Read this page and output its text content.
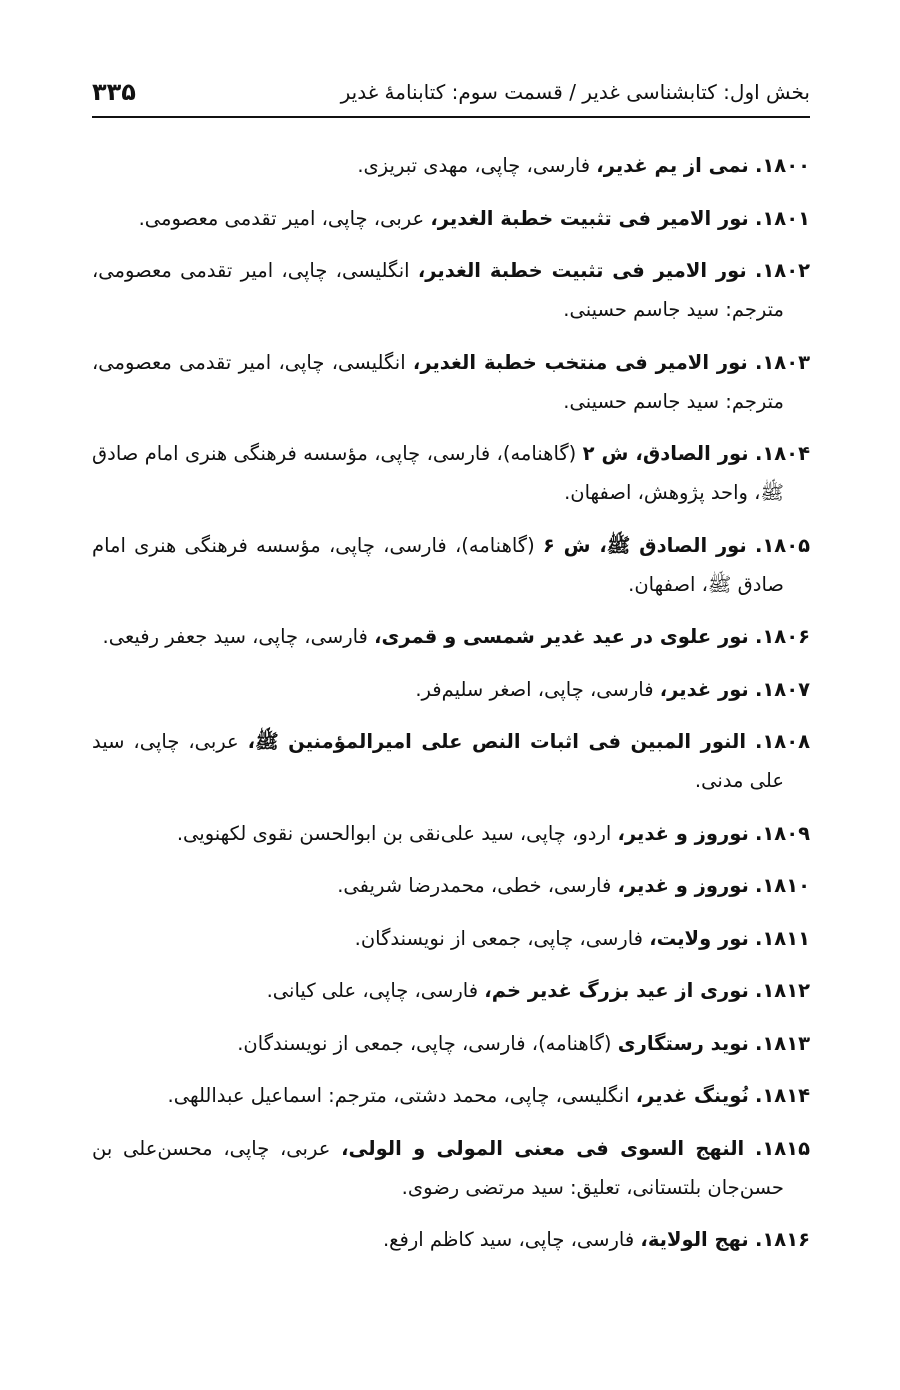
بخش اول: کتابشناسی غدیر / قسمت سوم: کتابنامۀ غدیر
۳۳۵

۱۸۰۰. نمی از یم غدیر، فارسی، چاپی، مهدی تبریزی.

۱۸۰۱. نور الامیر فی تثبیت خطبة الغدیر، عربی، چاپی، امیر تقدمی معصومی.

۱۸۰۲. نور الامیر فی تثبیت خطبة الغدیر، انگلیسی، چاپی، امیر تقدمی معصومی، مترجم: سید جاسم حسینی.

۱۸۰۳. نور الامیر فی منتخب خطبة الغدیر، انگلیسی، چاپی، امیر تقدمی معصومی، مترجم: سید جاسم حسینی.

۱۸۰۴. نور الصادق، ش ۲ (گاهنامه)، فارسی، چاپی، مؤسسه فرهنگی هنری امام صادق ﷺ، واحد پژوهش، اصفهان.

۱۸۰۵. نور الصادق ﷺ، ش ۶ (گاهنامه)، فارسی، چاپی، مؤسسه فرهنگی هنری امام صادق ﷺ، اصفهان.

۱۸۰۶. نور علوی در عید غدیر شمسی و قمری، فارسی، چاپی، سید جعفر رفیعی.

۱۸۰۷. نور غدیر، فارسی، چاپی، اصغر سلیم‌فر.

۱۸۰۸. النور المبین فی اثبات النص علی امیرالمؤمنین ﷺ، عربی، چاپی، سید علی مدنی.

۱۸۰۹. نوروز و غدیر، اردو، چاپی، سید علی‌نقی بن ابوالحسن نقوی لکهنویی.

۱۸۱۰. نوروز و غدیر، فارسی، خطی، محمدرضا شریفی.

۱۸۱۱. نور ولایت، فارسی، چاپی، جمعی از نویسندگان.

۱۸۱۲. نوری از عید بزرگ غدیر خم، فارسی، چاپی، علی کیانی.

۱۸۱۳. نوید رستگاری (گاهنامه)، فارسی، چاپی، جمعی از نویسندگان.

۱۸۱۴. نُوینگ غدیر، انگلیسی، چاپی، محمد دشتی، مترجم: اسماعیل عبداللهی.

۱۸۱۵. النهج السوی فی معنی المولی و الولی، عربی، چاپی، محسن‌علی بن حسن‌جان بلتستانی، تعلیق: سید مرتضی رضوی.

۱۸۱۶. نهج الولایة، فارسی، چاپی، سید کاظم ارفع.
